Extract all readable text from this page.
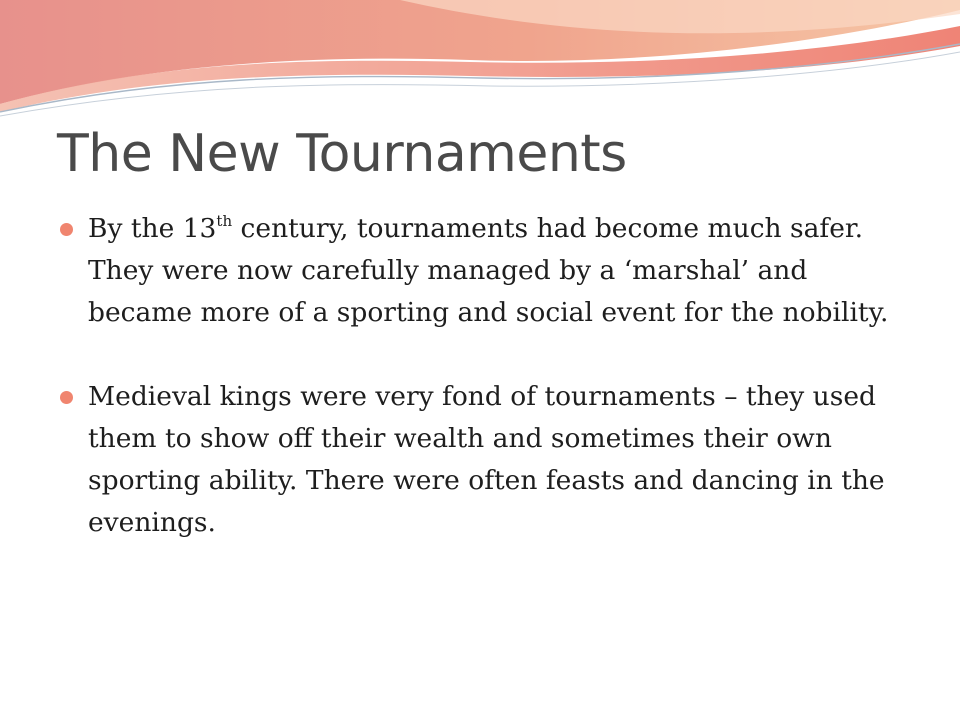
The New Tournaments
By the 13th century, tournaments had become much safer. They were now carefully managed by a ‘marshal’ and became more of a sporting and social event for the nobility.
Medieval kings were very fond of tournaments – they used them to show off their wealth and sometimes their own sporting ability. There were often feasts and dancing in the evenings.
